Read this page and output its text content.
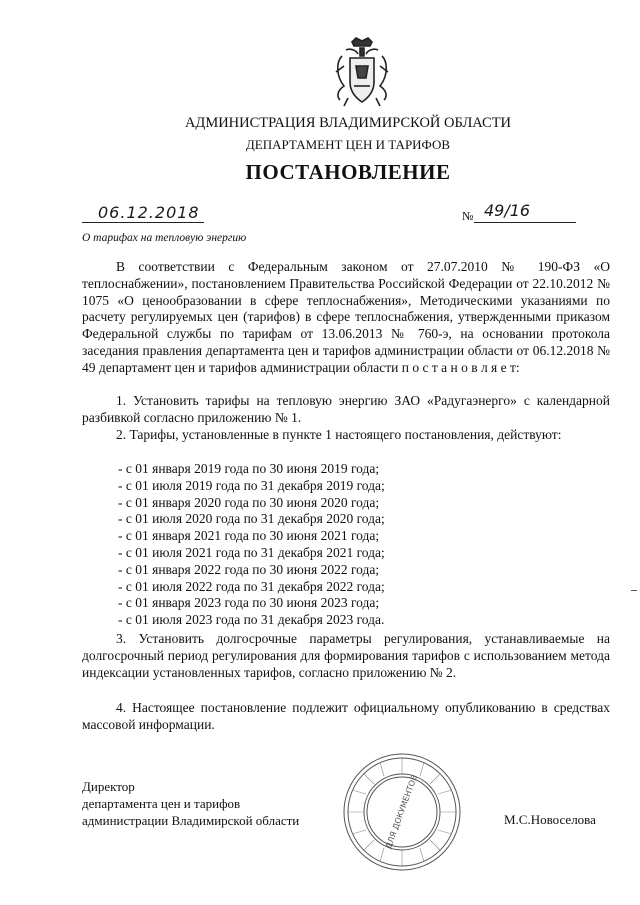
АДМИНИСТРАЦИЯ ВЛАДИМИРСКОЙ ОБЛАСТИ
ДЕПАРТАМЕНТ ЦЕН И ТАРИФОВ
ПОСТАНОВЛЕНИЕ
06.12.2018	№ 49/16
О тарифах на тепловую энергию
В соответствии с Федеральным законом от 27.07.2010 № 190-ФЗ «О теплоснабжении», постановлением Правительства Российской Федерации от 22.10.2012 № 1075 «О ценообразовании в сфере теплоснабжения», Методическими указаниями по расчету регулируемых цен (тарифов) в сфере теплоснабжения, утвержденными приказом Федеральной службы по тарифам от 13.06.2013 № 760-э, на основании протокола заседания правления департамента цен и тарифов администрации области от 06.12.2018 № 49 департамент цен и тарифов администрации области п о с т а н о в л я е т:
1. Установить тарифы на тепловую энергию ЗАО «Радугаэнерго» с календарной разбивкой согласно приложению № 1.
2. Тарифы, установленные в пункте 1 настоящего постановления, действуют:
- с 01 января 2019 года по 30 июня 2019 года;
- с 01 июля 2019 года по 31 декабря 2019 года;
- с 01 января 2020 года по 30 июня 2020 года;
- с 01 июля 2020 года по 31 декабря 2020 года;
- с 01 января 2021 года по 30 июня 2021 года;
- с 01 июля 2021 года по 31 декабря 2021 года;
- с 01 января 2022 года по 30 июня 2022 года;
- с 01 июля 2022 года по 31 декабря 2022 года;
- с 01 января 2023 года по 30 июня 2023 года;
- с 01 июля 2023 года по 31 декабря 2023 года.
3. Установить долгосрочные параметры регулирования, устанавливаемые на долгосрочный период регулирования для формирования тарифов с использованием метода индексации установленных тарифов, согласно приложению № 2.
4. Настоящее постановление подлежит официальному опубликованию в средствах массовой информации.
ДЛЯ ДОКУМЕНТОВ
Директор
департамента цен и тарифов
администрации Владимирской области	М.С.Новоселова
